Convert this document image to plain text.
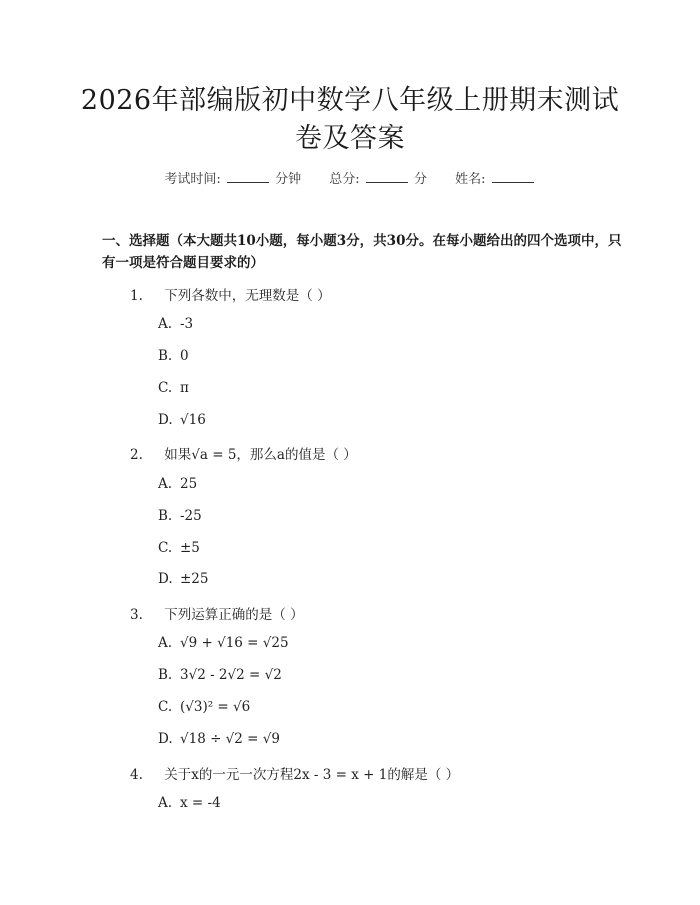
2026年部编版初中数学八年级上册期末测试卷及答案
考试时间:	分钟 总分:	分 姓名:
一、选择题（本大题共10小题，每小题3分，共30分。在每小题给出的四个选项中，只有一项是符合题目要求的）
1. 下列各数中，无理数是（ ）
A. -3
B. 0
C. π
D. √16
2. 如果√a = 5，那么a的值是（ ）
A. 25
B. -25
C. ±5
D. ±25
3. 下列运算正确的是（ ）
A. √9 + √16 = √25
B. 3√2 - 2√2 = √2
C. (√3)² = √6
D. √18 ÷ √2 = √9
4. 关于x的一元一次方程2x - 3 = x + 1的解是（ ）
A. x = -4
